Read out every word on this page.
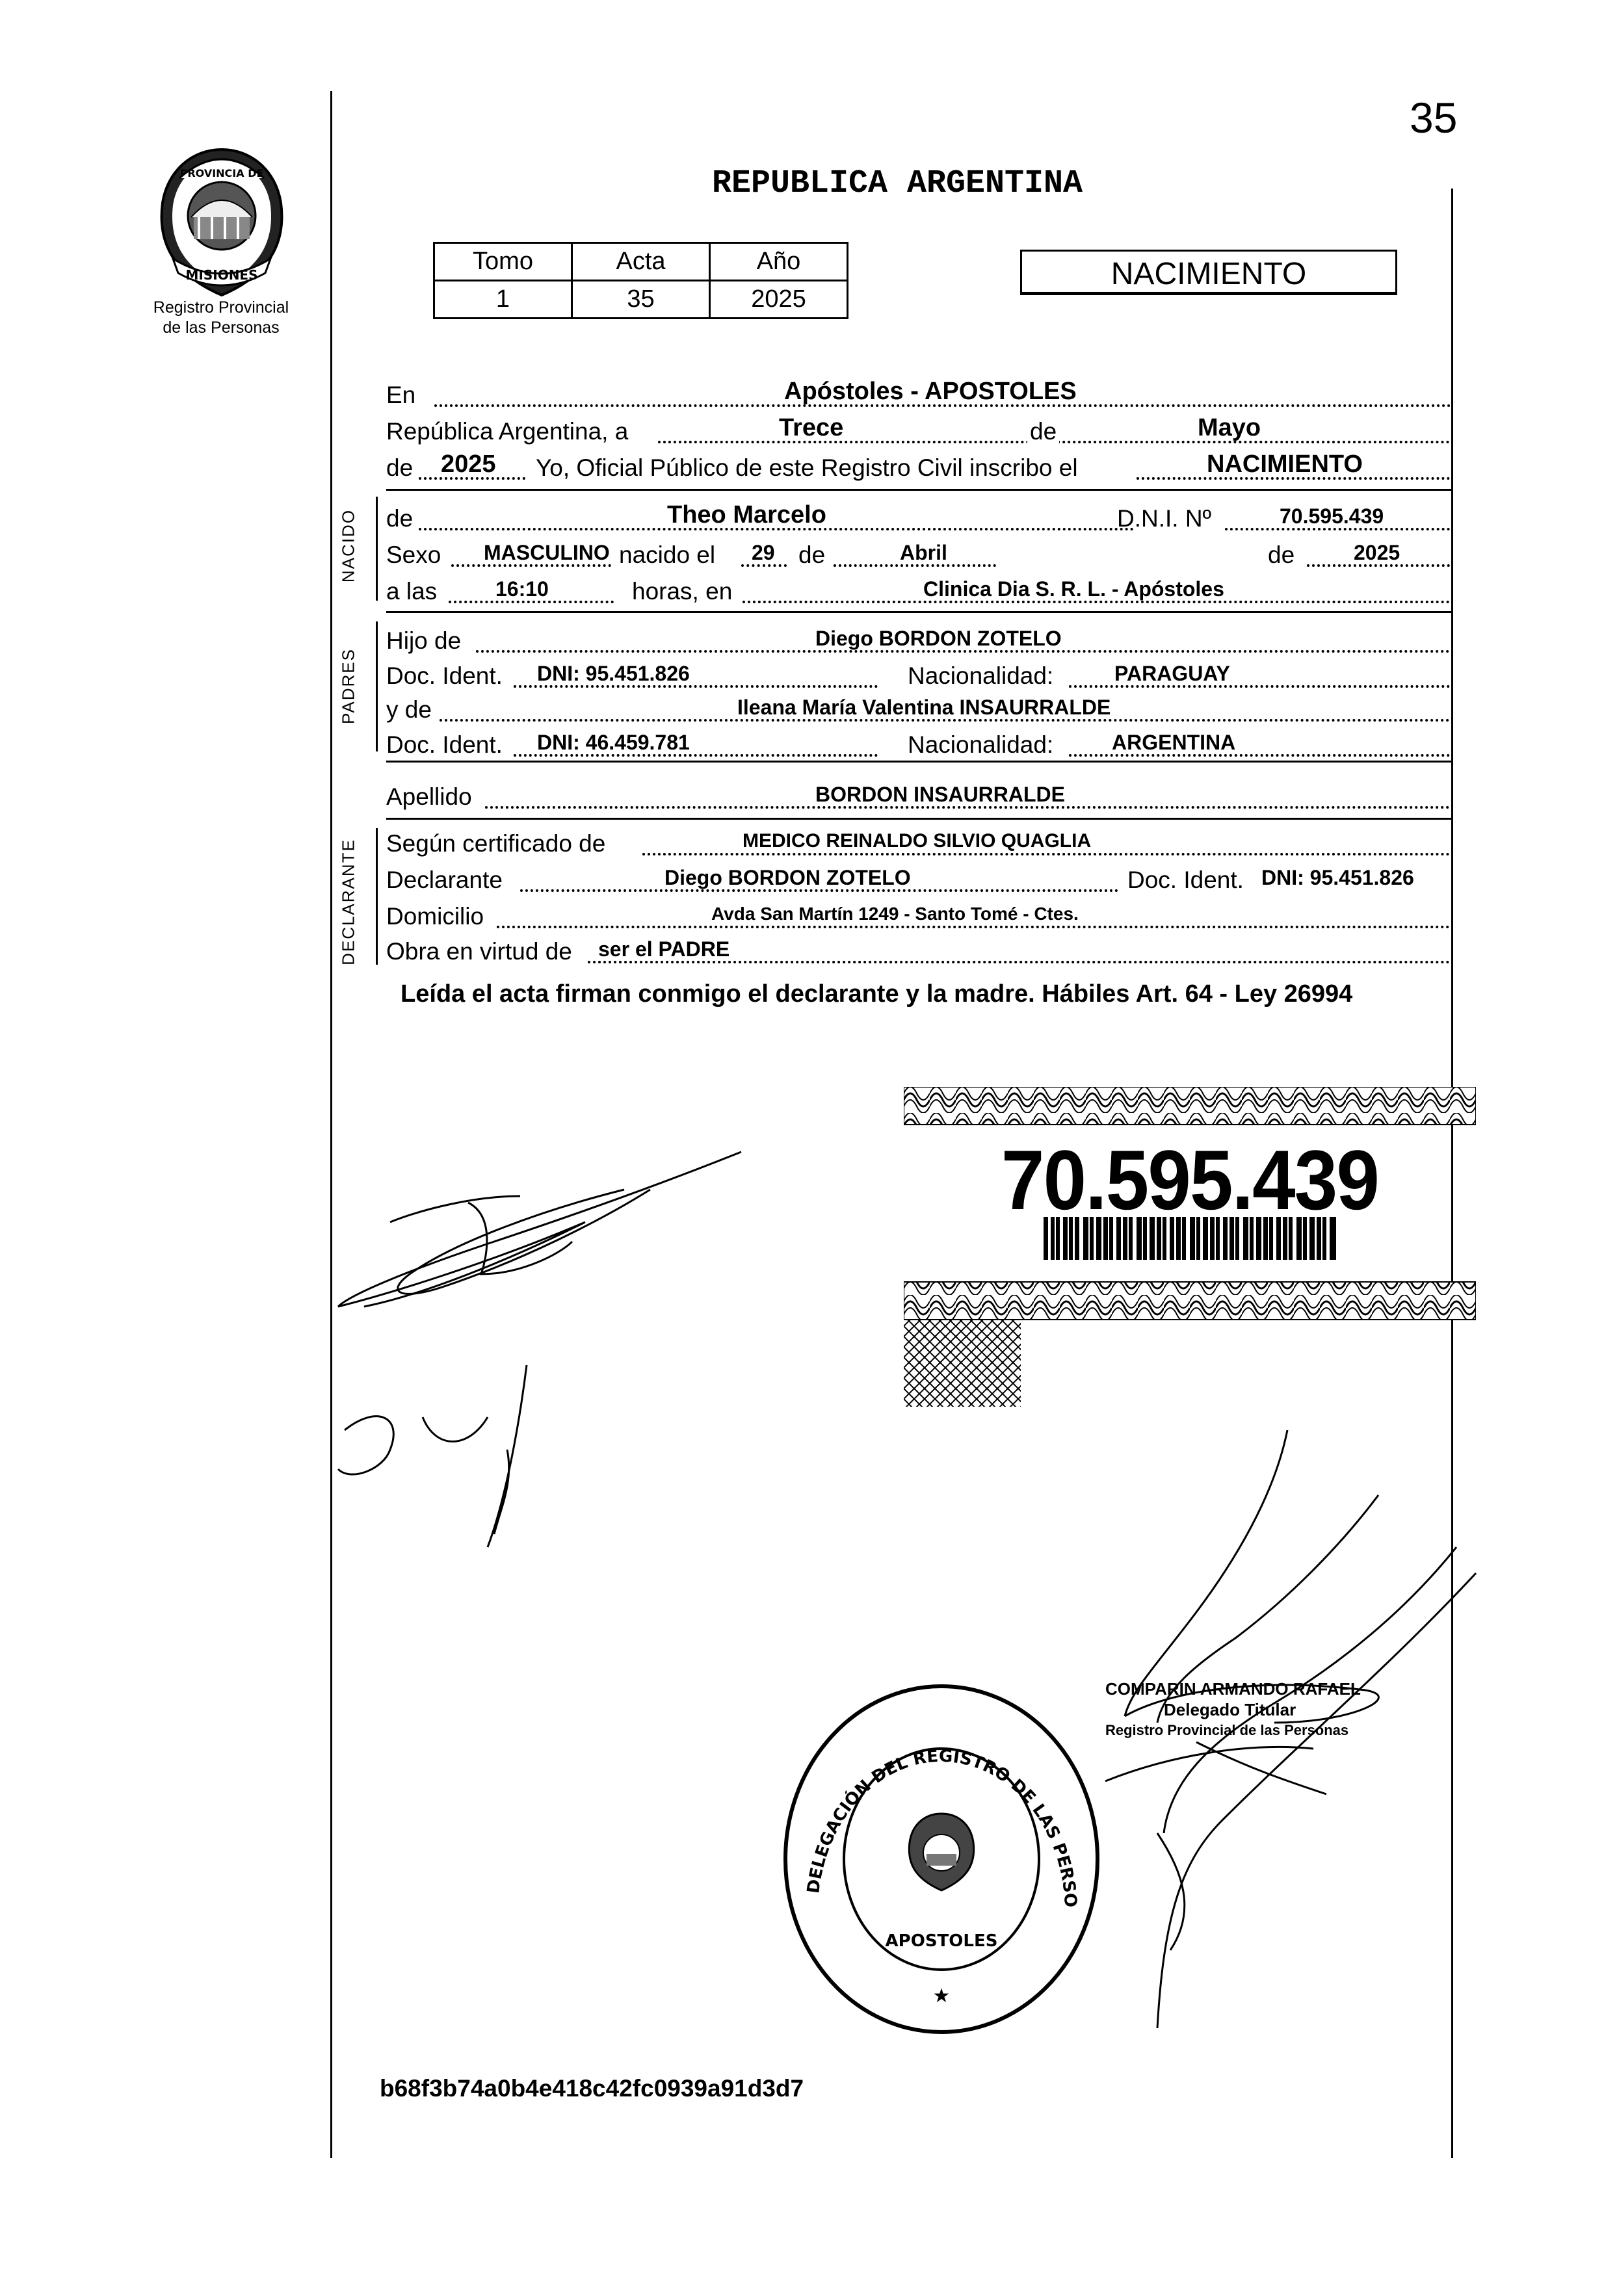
35
PROVINCIA DE
MISIONES
Registro Provincial
de las Personas
REPUBLICA ARGENTINA
Tomo	Acta	Año
1	35	2025
NACIMIENTO
En	Apóstoles - APOSTOLES
República Argentina, a	Trece	de	Mayo
de 2025 Yo, Oficial Público de este Registro Civil inscribo el	NACIMIENTO
NACIDO de	Theo Marcelo	D.N.I. Nº	70.595.439
Sexo MASCULINO nacido el 29 de	Abril	de	2025
a las	16:10	horas, en	Clinica Dia S. R. L. - Apóstoles
PADRES
Hijo de	Diego BORDON ZOTELO
Doc. Ident. DNI: 95.451.826	Nacionalidad:	PARAGUAY
y de	Ileana María Valentina INSAURRALDE
Doc. Ident. DNI: 46.459.781	Nacionalidad:	ARGENTINA
Apellido	BORDON INSAURRALDE
DECLARANTE Según certificado de	MEDICO REINALDO SILVIO QUAGLIA
Declarante	Diego BORDON ZOTELO	Doc. Ident. DNI: 95.451.826
Domicilio	Avda San Martín 1249 - Santo Tomé - Ctes.
Obra en virtud de ser el PADRE
Leída el acta firman conmigo el declarante y la madre. Hábiles Art. 64 - Ley 26994
70.595.439
DELEGACIÓN DEL REGISTRO DE LAS PERSO
APOSTOLES
★
COMPARIN ARMANDO RAFAEL
Delegado Titular
Registro Provincial de las Personas
b68f3b74a0b4e418c42fc0939a91d3d7
